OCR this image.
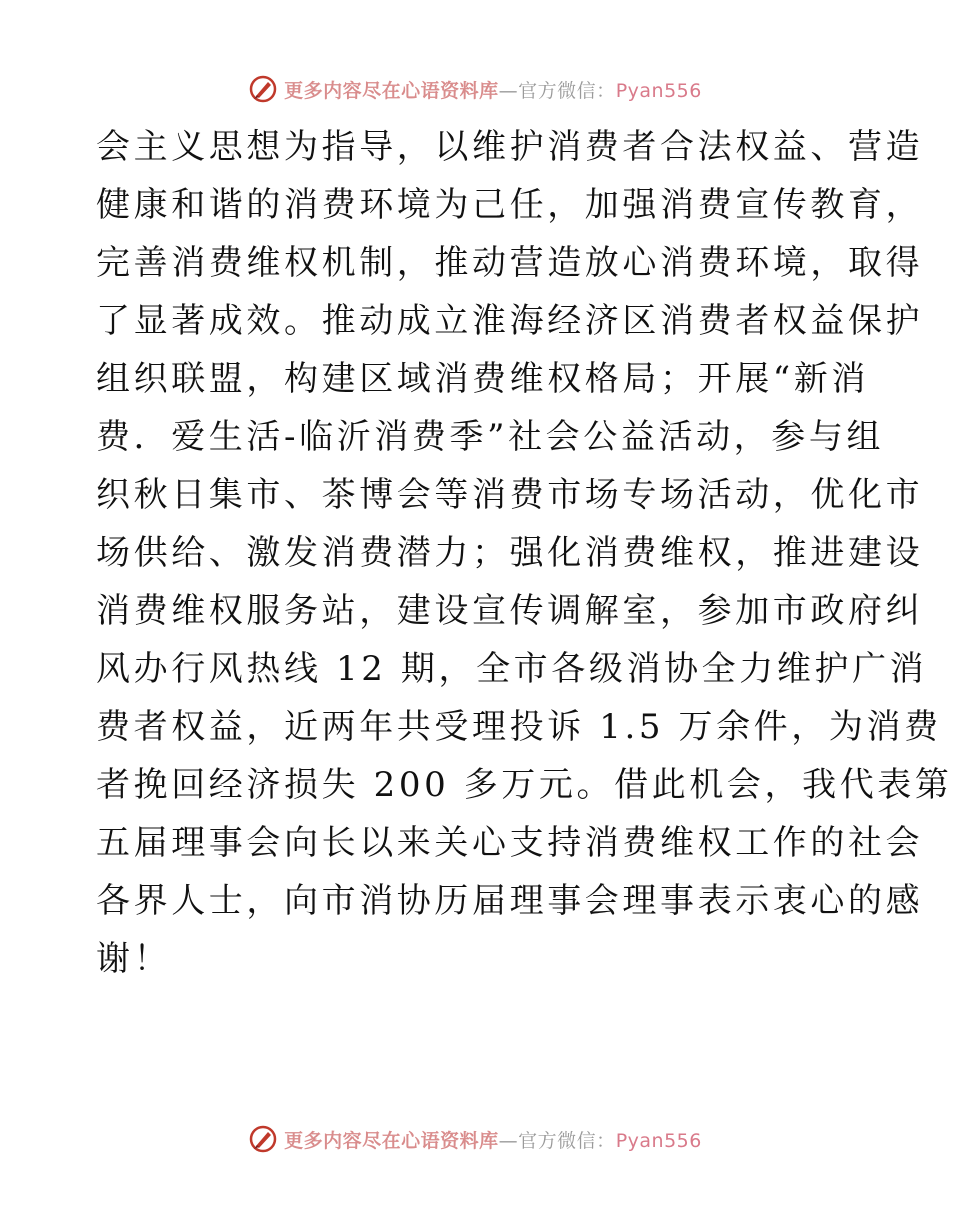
更多内容尽在心语资料库—官方微信：Pyan556
会主义思想为指导，以维护消费者合法权益、营造
健康和谐的消费环境为己任，加强消费宣传教育，
完善消费维权机制，推动营造放心消费环境，取得
了显著成效。推动成立淮海经济区消费者权益保护
组织联盟，构建区域消费维权格局；开展“新消
费．爱生活-临沂消费季”社会公益活动，参与组
织秋日集市、茶博会等消费市场专场活动，优化市
场供给、激发消费潜力；强化消费维权，推进建设
消费维权服务站，建设宣传调解室，参加市政府纠
风办行风热线 12 期，全市各级消协全力维护广消
费者权益，近两年共受理投诉 1.5 万余件，为消费
者挽回经济损失 200 多万元。借此机会，我代表第
五届理事会向长以来关心支持消费维权工作的社会
各界人士，向市消协历届理事会理事表示衷心的感
谢！
更多内容尽在心语资料库—官方微信：Pyan556
